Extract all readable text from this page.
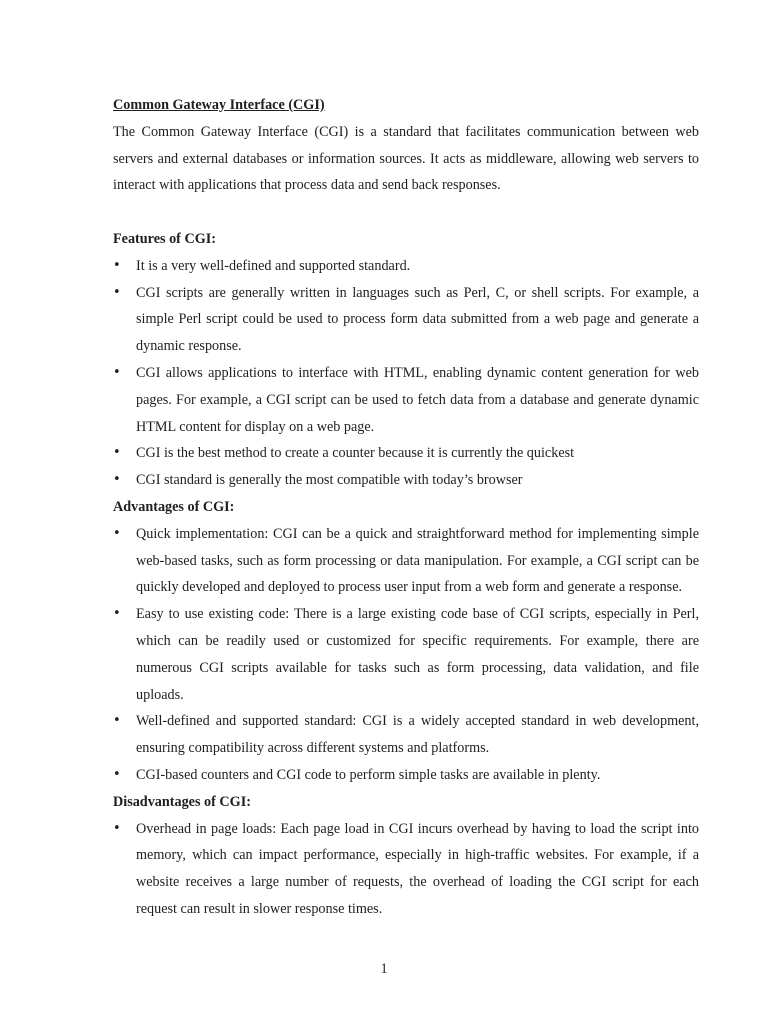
Common Gateway Interface (CGI)

The Common Gateway Interface (CGI) is a standard that facilitates communication between web servers and external databases or information sources. It acts as middleware, allowing web servers to interact with applications that process data and send back responses.

Features of CGI:

•	It is a very well-defined and supported standard.
•	CGI scripts are generally written in languages such as Perl, C, or shell scripts. For example, a simple Perl script could be used to process form data submitted from a web page and generate a dynamic response.
•	CGI allows applications to interface with HTML, enabling dynamic content generation for web pages. For example, a CGI script can be used to fetch data from a database and generate dynamic HTML content for display on a web page.
•	CGI is the best method to create a counter because it is currently the quickest
•	CGI standard is generally the most compatible with today’s browser

Advantages of CGI:

•	Quick implementation: CGI can be a quick and straightforward method for implementing simple web-based tasks, such as form processing or data manipulation. For example, a CGI script can be quickly developed and deployed to process user input from a web form and generate a response.
•	Easy to use existing code: There is a large existing code base of CGI scripts, especially in Perl, which can be readily used or customized for specific requirements. For example, there are numerous CGI scripts available for tasks such as form processing, data validation, and file uploads.
•	Well-defined and supported standard: CGI is a widely accepted standard in web development, ensuring compatibility across different systems and platforms.
•	CGI-based counters and CGI code to perform simple tasks are available in plenty.

Disadvantages of CGI:

•	Overhead in page loads: Each page load in CGI incurs overhead by having to load the script into memory, which can impact performance, especially in high-traffic websites. For example, if a website receives a large number of requests, the overhead of loading the CGI script for each request can result in slower response times.

1
